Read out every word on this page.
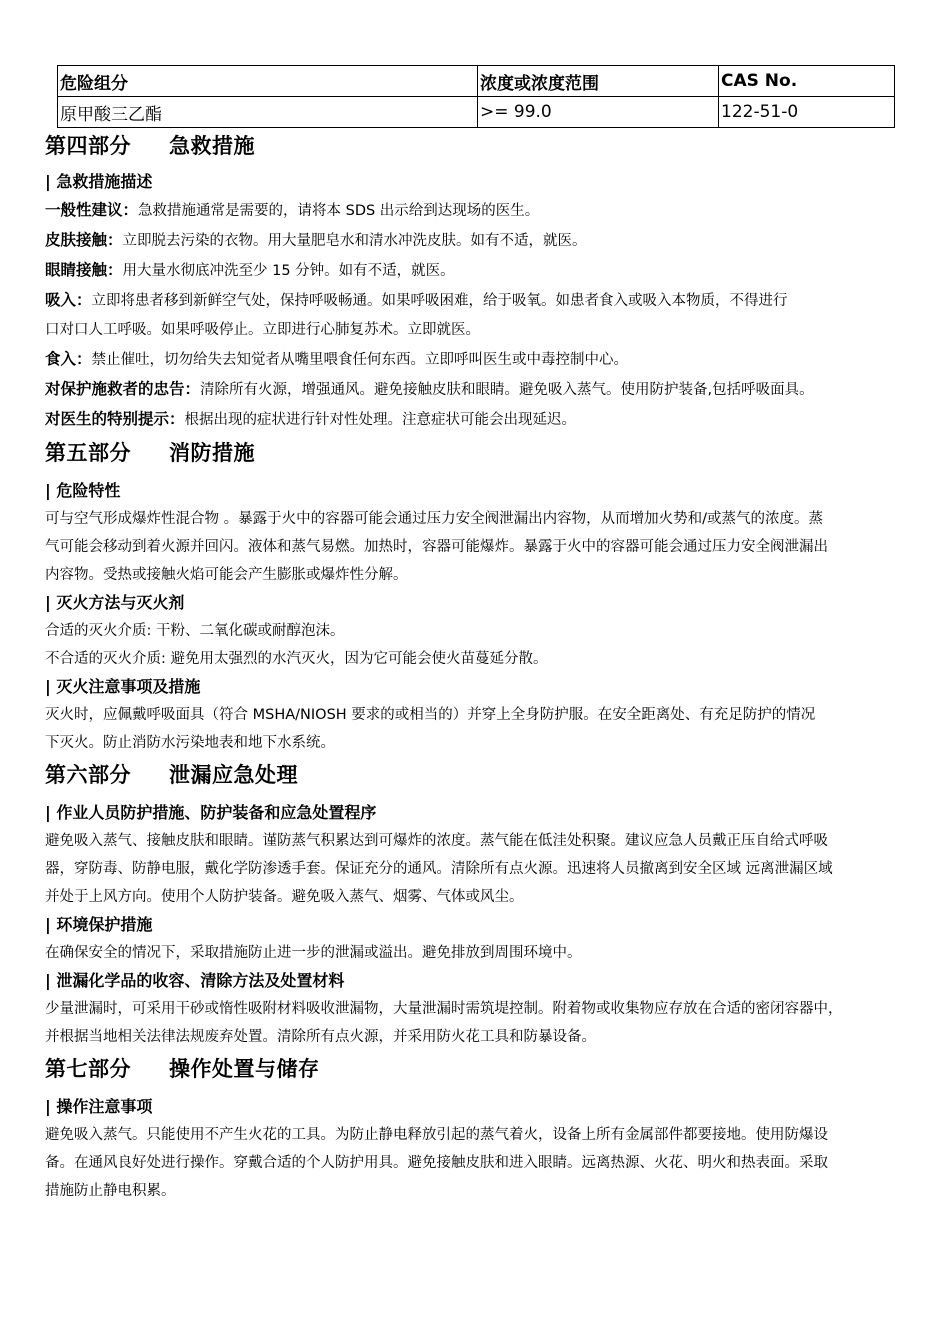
危险组分	浓度或浓度范围	CAS No.
原甲酸三乙酯	>= 99.0	122-51-0
第四部分 急救措施
| 急救措施描述

一般性建议：急救措施通常是需要的，请将本 SDS 出示给到达现场的医生。

皮肤接触：立即脱去污染的衣物。用大量肥皂水和清水冲洗皮肤。如有不适，就医。

眼睛接触：用大量水彻底冲洗至少 15 分钟。如有不适，就医。

吸入：立即将患者移到新鲜空气处，保持呼吸畅通。如果呼吸困难，给于吸氧。如患者食入或吸入本物质，不得进行

口对口人工呼吸。如果呼吸停止。立即进行心肺复苏术。立即就医。

食入：禁止催吐，切勿给失去知觉者从嘴里喂食任何东西。立即呼叫医生或中毒控制中心。

对保护施救者的忠告：清除所有火源，增强通风。避免接触皮肤和眼睛。避免吸入蒸气。使用防护装备,包括呼吸面具。

对医生的特别提示：根据出现的症状进行针对性处理。注意症状可能会出现延迟。

第五部分 消防措施
| 危险特性

可与空气形成爆炸性混合物 。暴露于火中的容器可能会通过压力安全阀泄漏出内容物，从而增加火势和/或蒸气的浓度。蒸

气可能会移动到着火源并回闪。液体和蒸气易燃。加热时，容器可能爆炸。暴露于火中的容器可能会通过压力安全阀泄漏出

内容物。受热或接触火焰可能会产生膨胀或爆炸性分解。

| 灭火方法与灭火剂

合适的灭火介质: 干粉、二氧化碳或耐醇泡沫。

不合适的灭火介质: 避免用太强烈的水汽灭火，因为它可能会使火苗蔓延分散。

| 灭火注意事项及措施

灭火时，应佩戴呼吸面具（符合 MSHA/NIOSH 要求的或相当的）并穿上全身防护服。在安全距离处、有充足防护的情况

下灭火。防止消防水污染地表和地下水系统。

第六部分 泄漏应急处理
| 作业人员防护措施、防护装备和应急处置程序

避免吸入蒸气、接触皮肤和眼睛。谨防蒸气积累达到可爆炸的浓度。蒸气能在低洼处积聚。建议应急人员戴正压自给式呼吸

器，穿防毒、防静电服，戴化学防渗透手套。保证充分的通风。清除所有点火源。迅速将人员撤离到安全区域 远离泄漏区域

并处于上风方向。使用个人防护装备。避免吸入蒸气、烟雾、气体或风尘。

| 环境保护措施

在确保安全的情况下，采取措施防止进一步的泄漏或溢出。避免排放到周围环境中。

| 泄漏化学品的收容、清除方法及处置材料

少量泄漏时，可采用干砂或惰性吸附材料吸收泄漏物，大量泄漏时需筑堤控制。附着物或收集物应存放在合适的密闭容器中，

并根据当地相关法律法规废弃处置。清除所有点火源，并采用防火花工具和防暴设备。

第七部分 操作处置与储存
| 操作注意事项

避免吸入蒸气。只能使用不产生火花的工具。为防止静电释放引起的蒸气着火，设备上所有金属部件都要接地。使用防爆设

备。在通风良好处进行操作。穿戴合适的个人防护用具。避免接触皮肤和进入眼睛。远离热源、火花、明火和热表面。采取

措施防止静电积累。
